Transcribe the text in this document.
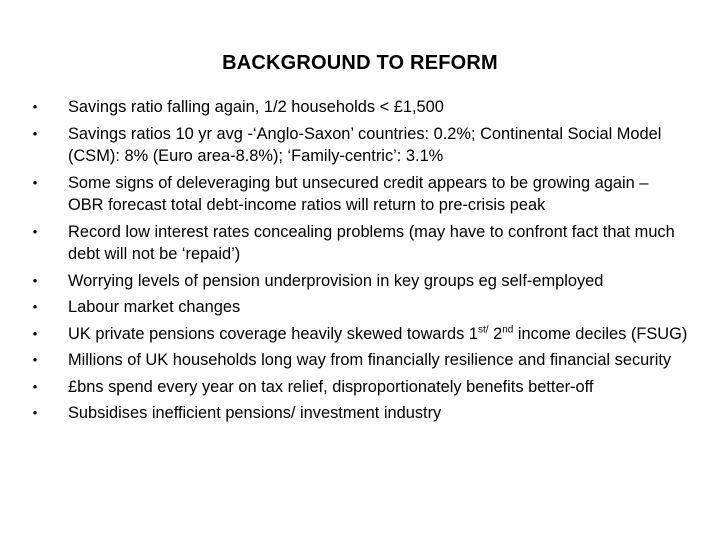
BACKGROUND TO REFORM
• Savings ratio falling again, 1/2 households < £1,500
• Savings ratios 10 yr avg -‘Anglo-Saxon’ countries: 0.2%; Continental Social Model (CSM): 8% (Euro area-8.8%); ‘Family-centric’: 3.1%
• Some signs of deleveraging but unsecured credit appears to be growing again – OBR forecast total debt-income ratios will return to pre-crisis peak
• Record low interest rates concealing problems (may have to confront fact that much debt will not be ‘repaid’)
• Worrying levels of pension underprovision in key groups eg self-employed
• Labour market changes
• UK private pensions coverage heavily skewed towards $1^{st/}$ 2nd income deciles (FSUG)
• Millions of UK households long way from financially resilience and financial security
• £bns spend every year on tax relief, disproportionately benefits better-off
• Subsidises inefficient pensions/ investment industry
